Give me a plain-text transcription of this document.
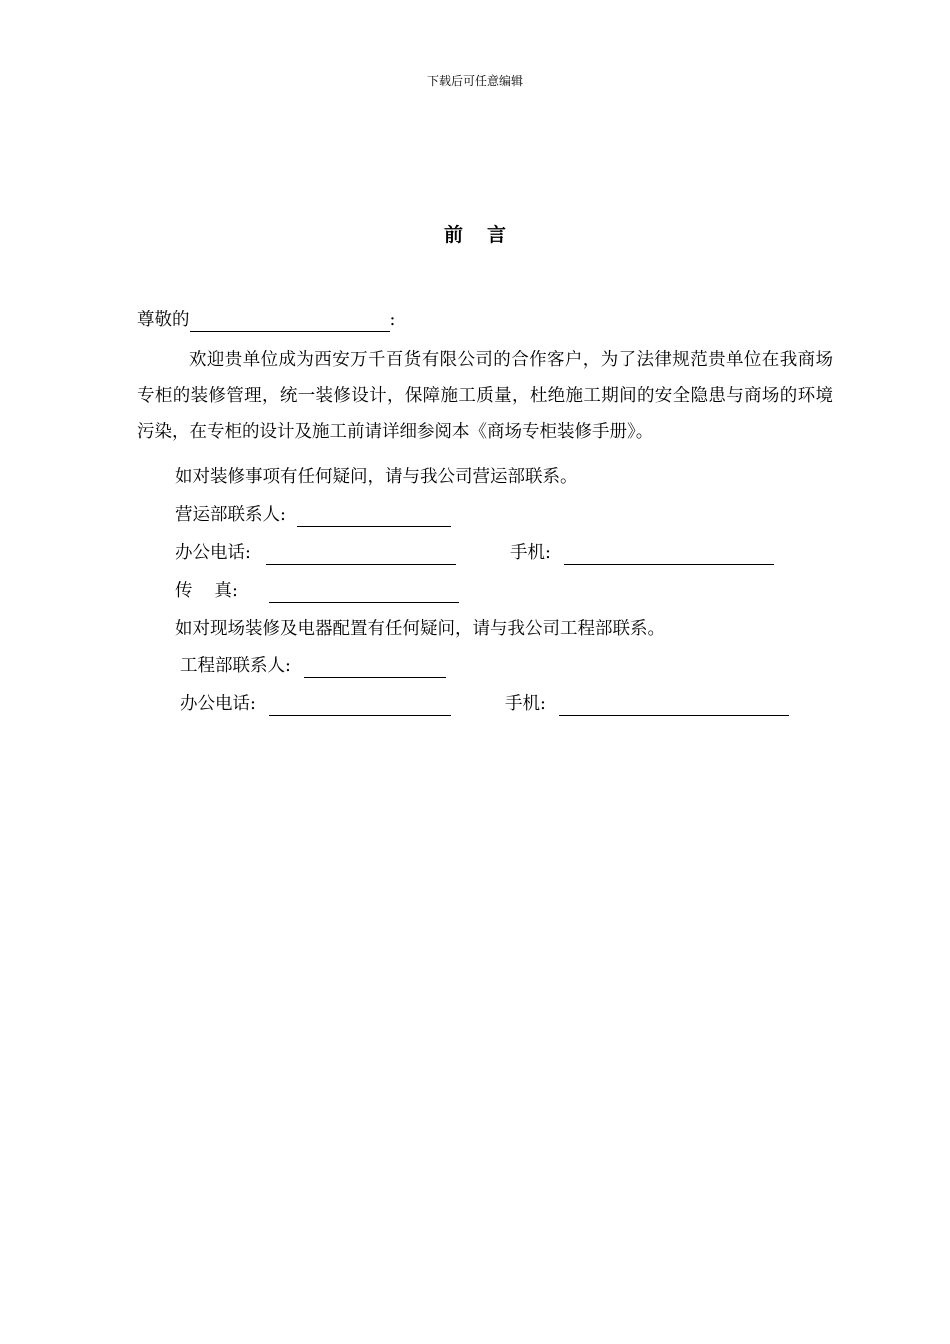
下载后可任意编辑
前 言
尊敬的	:
欢迎贵单位成为西安万千百货有限公司的合作客户，为了法律规范贵单位在我商场专柜的装修管理，统一装修设计，保障施工质量，杜绝施工期间的安全隐患与商场的环境污染，在专柜的设计及施工前请详细参阅本《商场专柜装修手册》。
如对装修事项有任何疑问，请与我公司营运部联系。
营运部联系人:
办公电话:	手机:
传 真:
如对现场装修及电器配置有任何疑问，请与我公司工程部联系。
工程部联系人:
办公电话:	手机:
